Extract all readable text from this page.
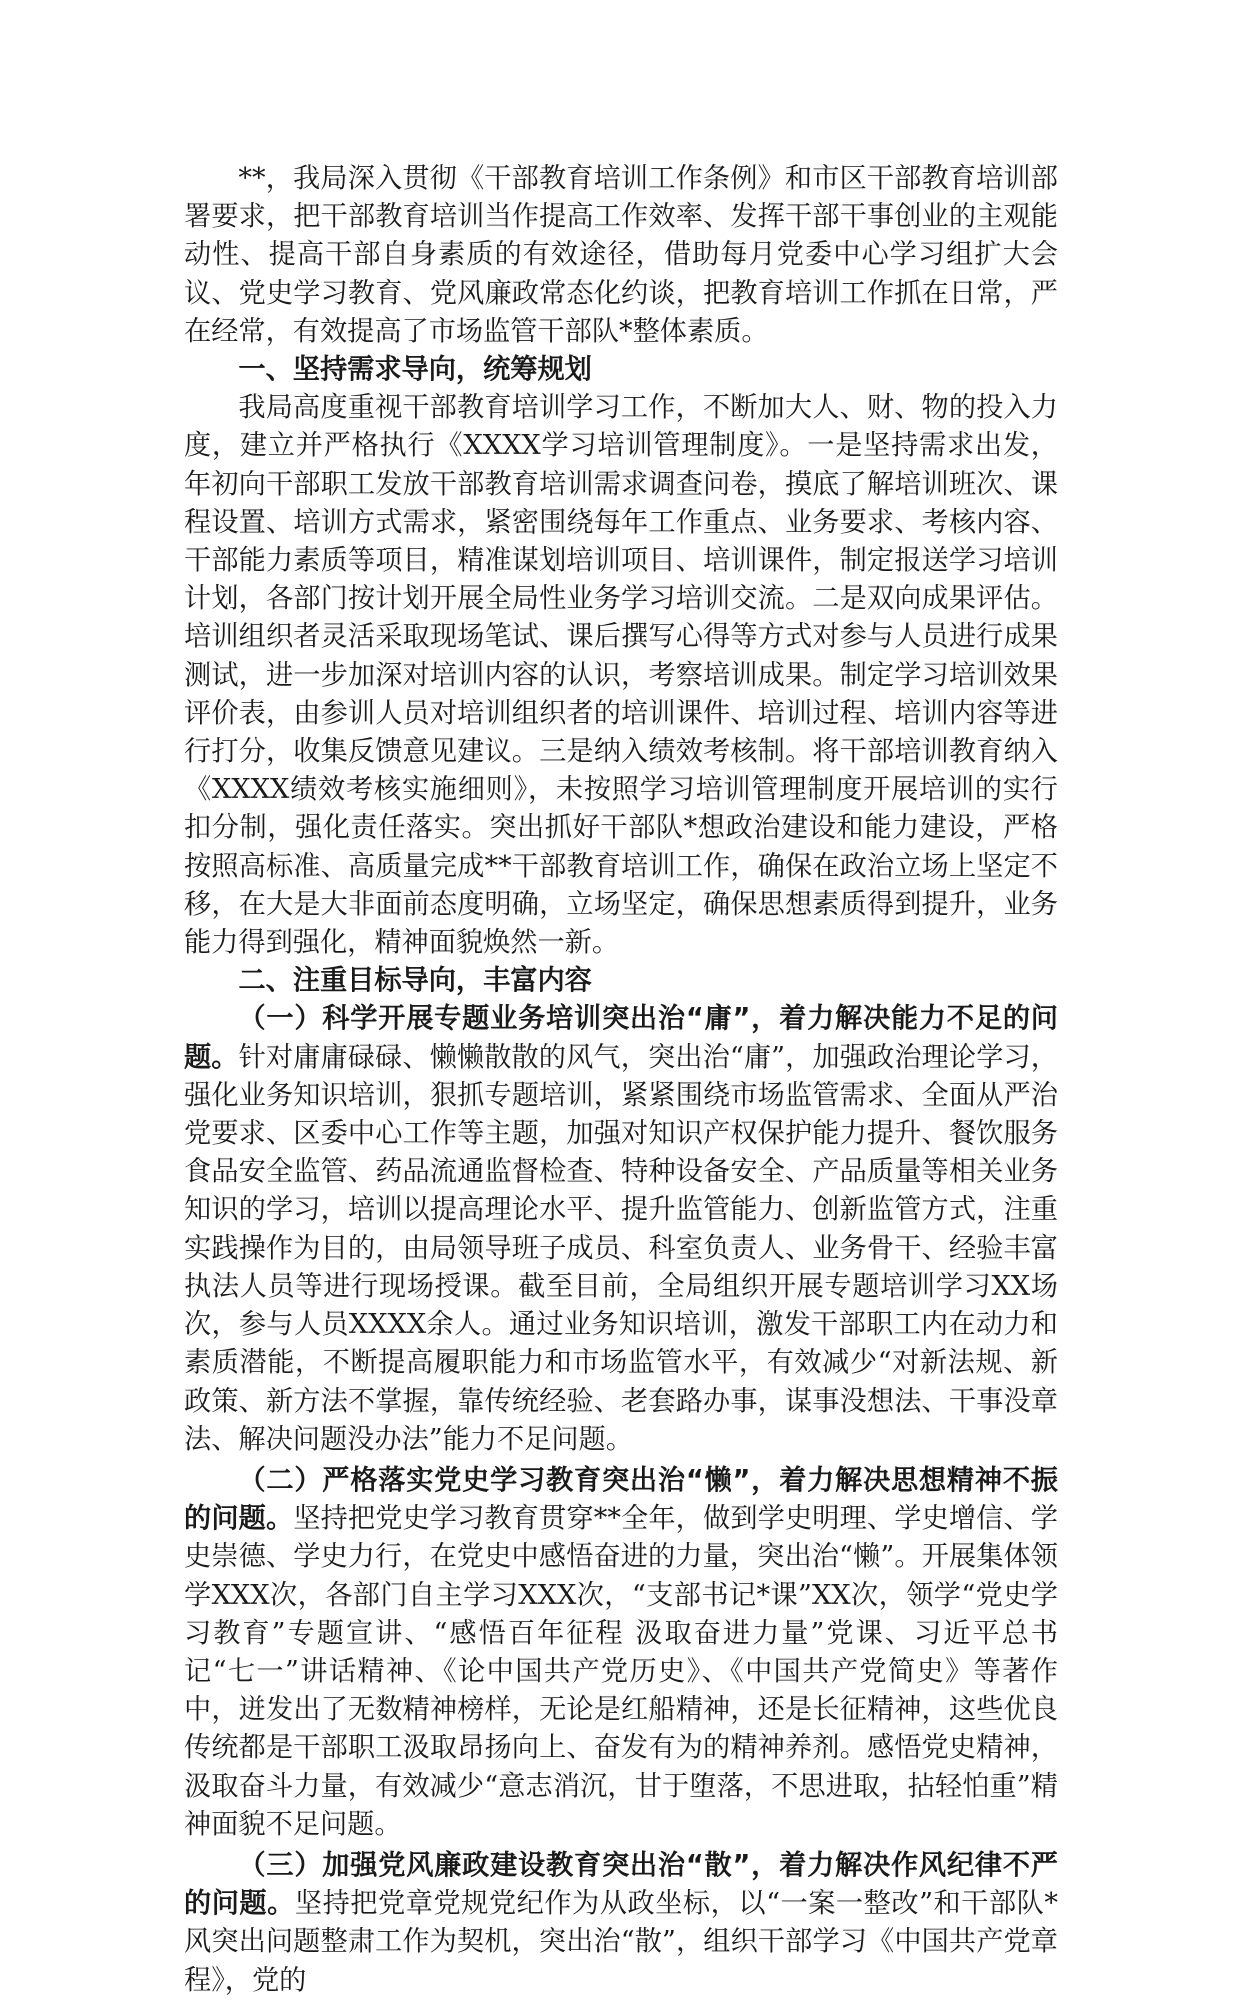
**，我局深入贯彻《干部教育培训工作条例》和市区干部教育培训部署要求，把干部教育培训当作提高工作效率、发挥干部干事创业的主观能动性、提高干部自身素质的有效途径，借助每月党委中心学习组扩大会议、党史学习教育、党风廉政常态化约谈，把教育培训工作抓在日常，严在经常，有效提高了市场监管干部队*整体素质。

一、坚持需求导向，统筹规划

我局高度重视干部教育培训学习工作，不断加大人、财、物的投入力度，建立并严格执行《XXXX学习培训管理制度》。一是坚持需求出发，年初向干部职工发放干部教育培训需求调查问卷，摸底了解培训班次、课程设置、培训方式需求，紧密围绕每年工作重点、业务要求、考核内容、干部能力素质等项目，精准谋划培训项目、培训课件，制定报送学习培训计划，各部门按计划开展全局性业务学习培训交流。二是双向成果评估。培训组织者灵活采取现场笔试、课后撰写心得等方式对参与人员进行成果测试，进一步加深对培训内容的认识，考察培训成果。制定学习培训效果评价表，由参训人员对培训组织者的培训课件、培训过程、培训内容等进行打分，收集反馈意见建议。三是纳入绩效考核制。将干部培训教育纳入《XXXX绩效考核实施细则》，未按照学习培训管理制度开展培训的实行扣分制，强化责任落实。突出抓好干部队*想政治建设和能力建设，严格按照高标准、高质量完成**干部教育培训工作，确保在政治立场上坚定不移，在大是大非面前态度明确，立场坚定，确保思想素质得到提升，业务能力得到强化，精神面貌焕然一新。

二、注重目标导向，丰富内容

（一）科学开展专题业务培训突出治“庸”，着力解决能力不足的问题。针对庸庸碌碌、懒懒散散的风气，突出治“庸”，加强政治理论学习，强化业务知识培训，狠抓专题培训，紧紧围绕市场监管需求、全面从严治党要求、区委中心工作等主题，加强对知识产权保护能力提升、餐饮服务食品安全监管、药品流通监督检查、特种设备安全、产品质量等相关业务知识的学习，培训以提高理论水平、提升监管能力、创新监管方式，注重实践操作为目的，由局领导班子成员、科室负责人、业务骨干、经验丰富执法人员等进行现场授课。截至目前，全局组织开展专题培训学习XX场次，参与人员XXXX余人。通过业务知识培训，激发干部职工内在动力和素质潜能，不断提高履职能力和市场监管水平，有效减少“对新法规、新政策、新方法不掌握，靠传统经验、老套路办事，谋事没想法、干事没章法、解决问题没办法”能力不足问题。

（二）严格落实党史学习教育突出治“懒”，着力解决思想精神不振的问题。坚持把党史学习教育贯穿**全年，做到学史明理、学史增信、学史崇德、学史力行，在党史中感悟奋进的力量，突出治“懒”。开展集体领学XXX次，各部门自主学习XXX次，“支部书记*课”XX次，领学“党史学习教育”专题宣讲、“感悟百年征程 汲取奋进力量”党课、习近平总书记“七一”讲话精神、《论中国共产党历史》、《中国共产党简史》等著作中，迸发出了无数精神榜样，无论是红船精神，还是长征精神，这些优良传统都是干部职工汲取昂扬向上、奋发有为的精神养剂。感悟党史精神，汲取奋斗力量，有效减少“意志消沉，甘于堕落，不思进取，拈轻怕重”精神面貌不足问题。

（三）加强党风廉政建设教育突出治“散”，着力解决作风纪律不严的问题。坚持把党章党规党纪作为从政坐标，以“一案一整改”和干部队*风突出问题整肃工作为契机，突出治“散”，组织干部学习《中国共产党章程》，党的
